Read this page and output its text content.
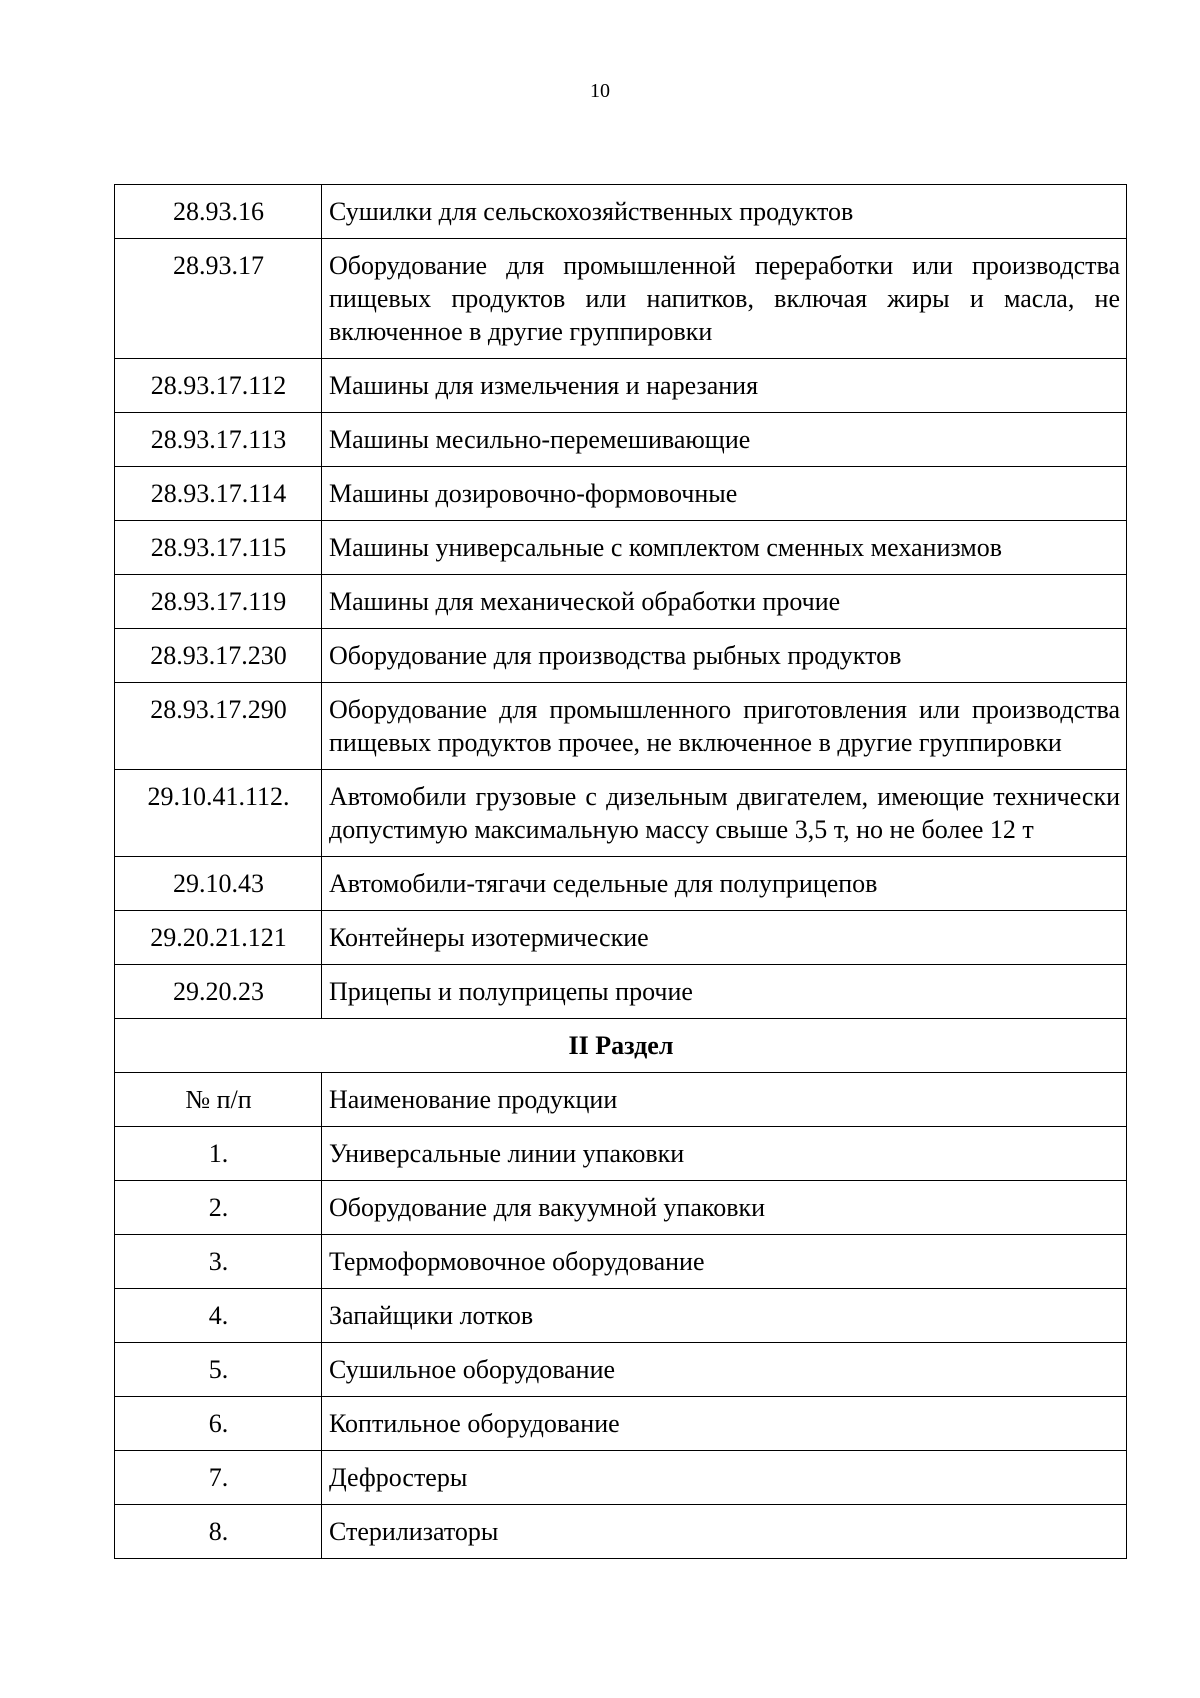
10
28.93.16	Сушилки для сельскохозяйственных продуктов
28.93.17	Оборудование для промышленной переработки или производства пищевых продуктов или напитков, включая жиры и масла, не включенное в другие группировки
28.93.17.112	Машины для измельчения и нарезания
28.93.17.113	Машины месильно-перемешивающие
28.93.17.114	Машины дозировочно-формовочные
28.93.17.115	Машины универсальные с комплектом сменных механизмов
28.93.17.119	Машины для механической обработки прочие
28.93.17.230	Оборудование для производства рыбных продуктов
28.93.17.290	Оборудование для промышленного приготовления или производства пищевых продуктов прочее, не включенное в другие группировки
29.10.41.112.	Автомобили грузовые с дизельным двигателем, имеющие технически допустимую максимальную массу свыше 3,5 т, но не более 12 т
29.10.43	Автомобили-тягачи седельные для полуприцепов
29.20.21.121	Контейнеры изотермические
29.20.23	Прицепы и полуприцепы прочие
II Раздел	
№ п/п	Наименование продукции
1.	Универсальные линии упаковки
2.	Оборудование для вакуумной упаковки
3.	Термоформовочное оборудование
4.	Запайщики лотков
5.	Сушильное оборудование
6.	Коптильное оборудование
7.	Дефростеры
8.	Стерилизаторы
